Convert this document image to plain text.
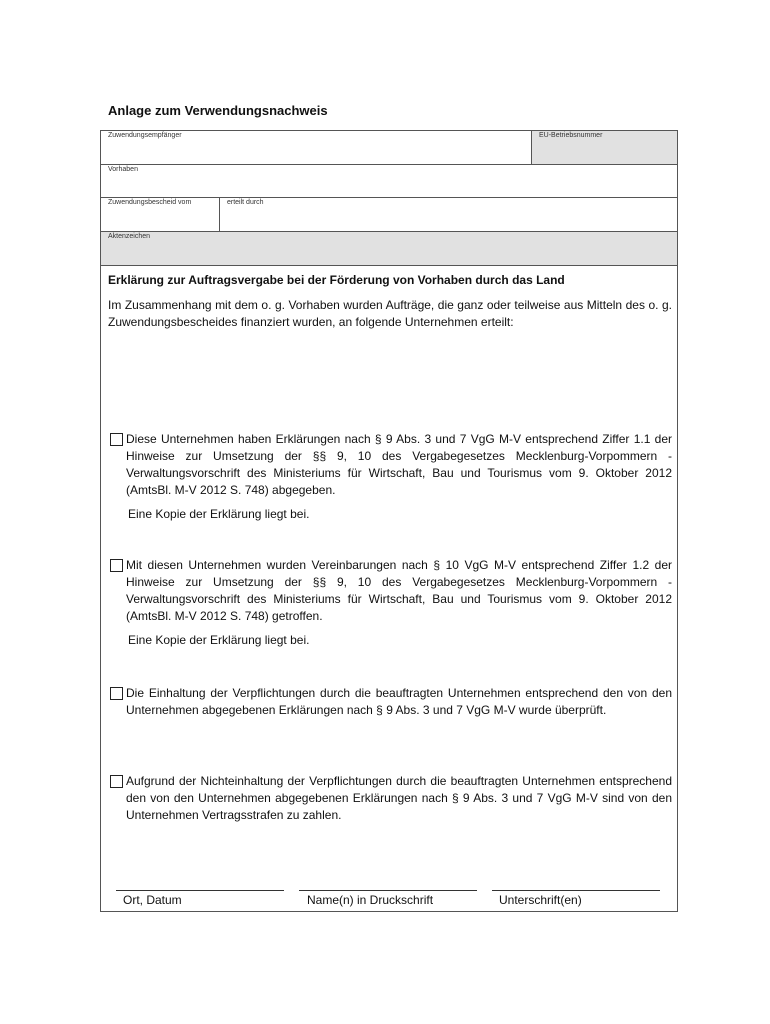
Anlage zum Verwendungsnachweis
Zuwendungsempfänger	EU-Betriebsnummer
Vorhaben
Zuwendungsbescheid vom	erteilt durch
Aktenzeichen
Erklärung zur Auftragsvergabe bei der Förderung von Vorhaben durch das Land
Im Zusammenhang mit dem o. g. Vorhaben wurden Aufträge, die ganz oder teilweise aus Mitteln des o. g. Zuwendungsbescheides finanziert wurden, an folgende Unternehmen erteilt:
Diese Unternehmen haben Erklärungen nach § 9 Abs. 3 und 7 VgG M-V entsprechend Ziffer 1.1 der Hinweise zur Umsetzung der §§ 9, 10 des Vergabegesetzes Mecklenburg-Vorpommern - Verwaltungsvorschrift des Ministeriums für Wirtschaft, Bau und Tourismus vom 9. Oktober 2012 (AmtsBl. M-V 2012 S. 748) abgegeben.
Eine Kopie der Erklärung liegt bei.
Mit diesen Unternehmen wurden Vereinbarungen nach § 10 VgG M-V entsprechend Ziffer 1.2 der Hinweise zur Umsetzung der §§ 9, 10 des Vergabegesetzes Mecklenburg-Vorpommern - Verwaltungsvorschrift des Ministeriums für Wirtschaft, Bau und Tourismus vom 9. Oktober 2012 (AmtsBl. M-V 2012 S. 748) getroffen.
Eine Kopie der Erklärung liegt bei.
Die Einhaltung der Verpflichtungen durch die beauftragten Unternehmen entsprechend den von den Unternehmen abgegebenen Erklärungen nach § 9 Abs. 3 und 7 VgG M-V wurde überprüft.
Aufgrund der Nichteinhaltung der Verpflichtungen durch die beauftragten Unternehmen entsprechend den von den Unternehmen abgegebenen Erklärungen nach § 9 Abs. 3 und 7 VgG M-V sind von den Unternehmen Vertragsstrafen zu zahlen.
Ort, Datum	Name(n) in Druckschrift	Unterschrift(en)
